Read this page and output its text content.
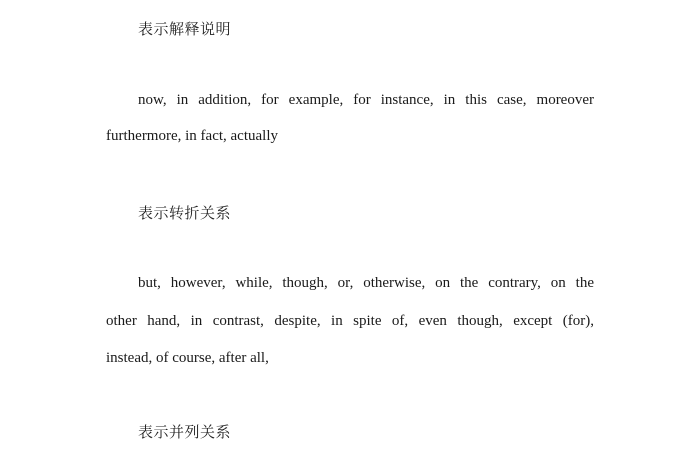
表示解释说明
now, in addition, for example, for instance, in this case, moreover
furthermore, in fact, actually
表示转折关系
but, however, while, though, or, otherwise, on the contrary, on the
other hand, in contrast, despite, in spite of, even though, except (for),
instead, of course, after all,
表示并列关系
